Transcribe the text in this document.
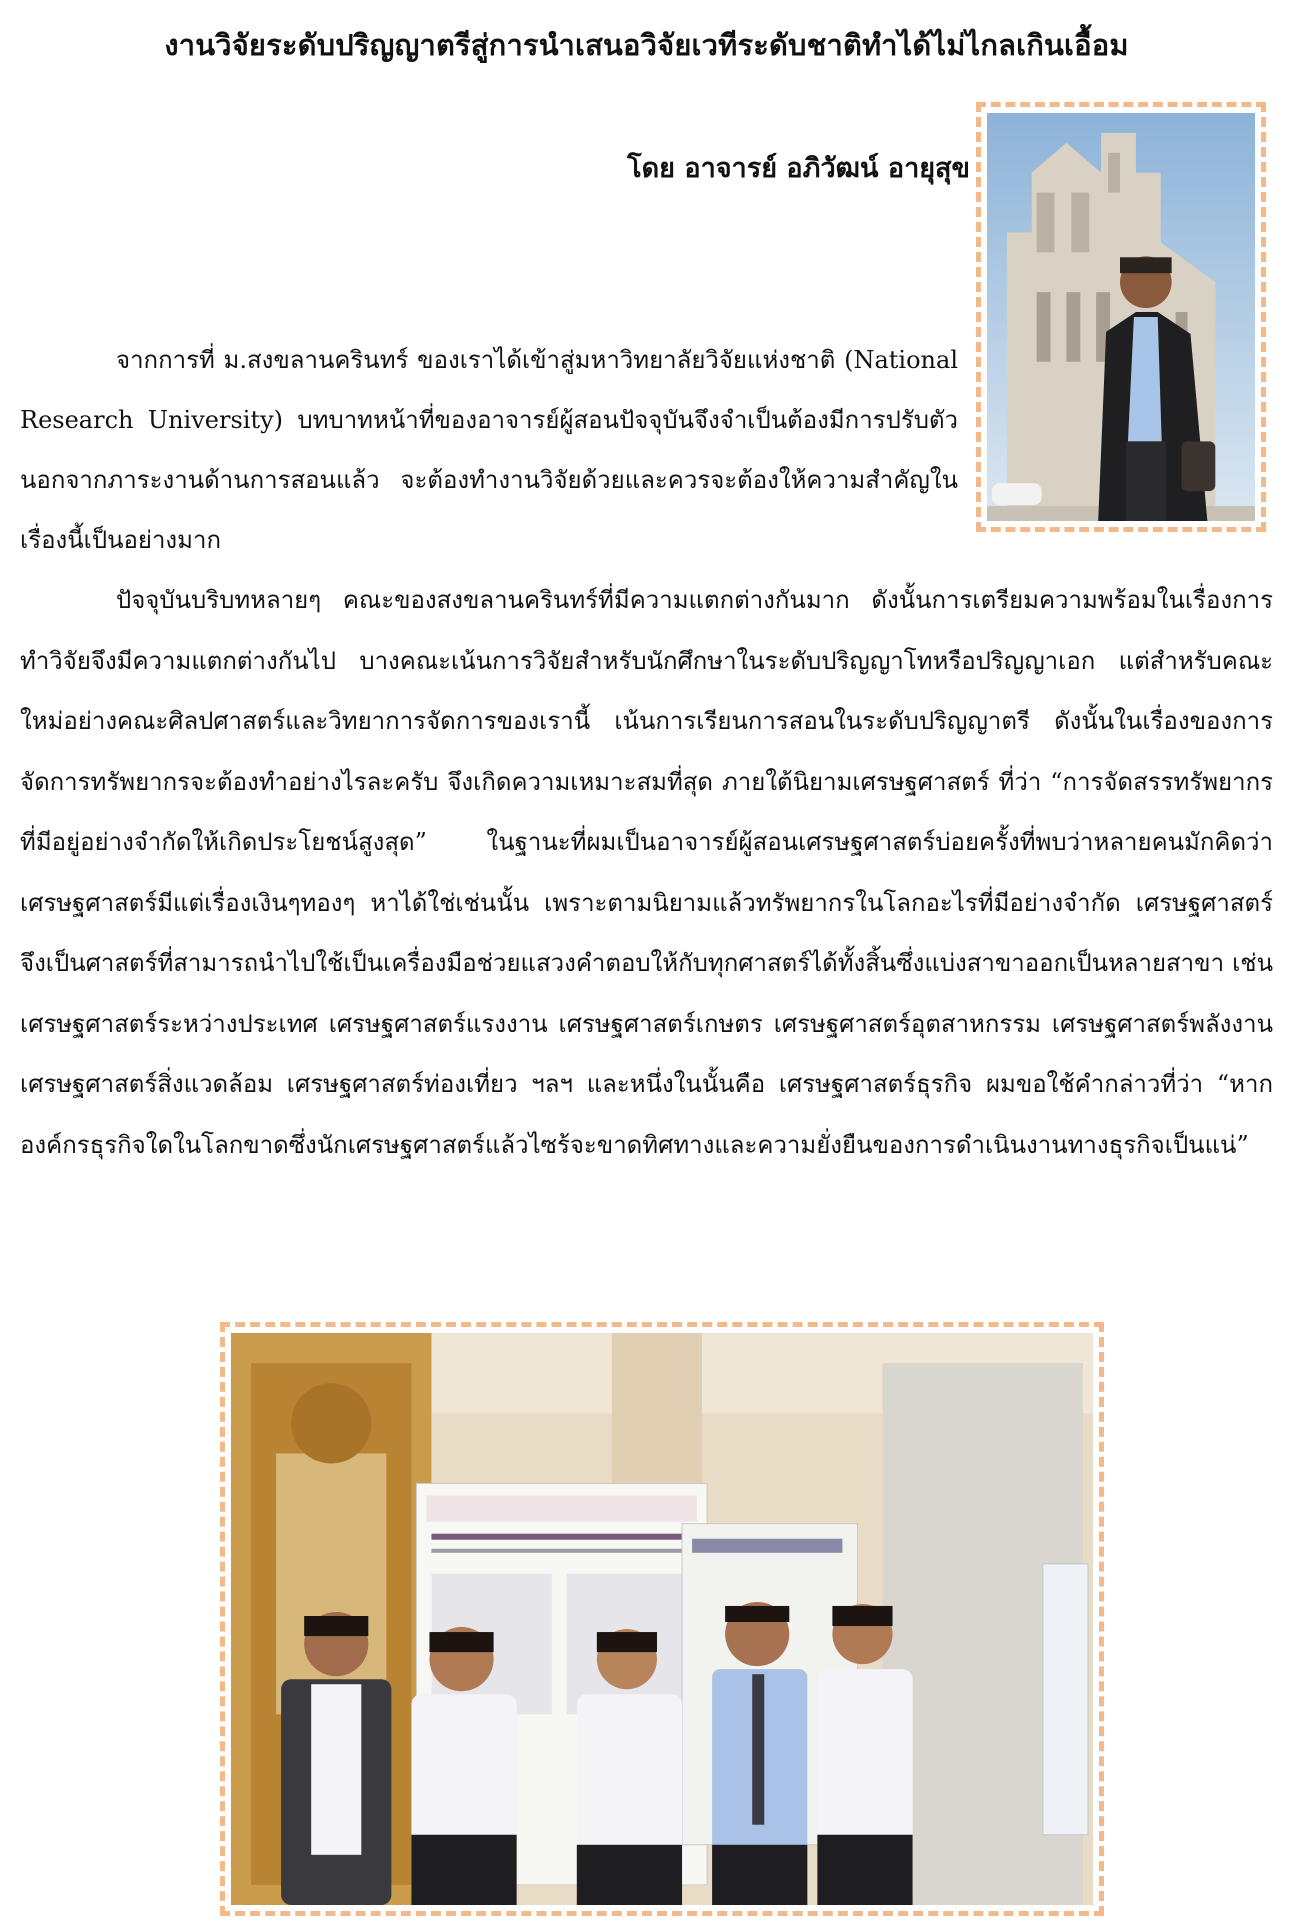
งานวิจัยระดับปริญญาตรีสู่การนำเสนอวิจัยเวทีระดับชาติทำได้ไม่ไกลเกินเอื้อม
โดย อาจารย์ อภิวัฒน์ อายุสุข

จากการที่ ม.สงขลานครินทร์ ของเราได้เข้าสู่มหาวิทยาลัยวิจัยแห่งชาติ (National Research University) บทบาทหน้าที่ของอาจารย์ผู้สอนปัจจุบันจึงจำเป็นต้องมีการปรับตัวนอกจากภาระงานด้านการสอนแล้ว จะต้องทำงานวิจัยด้วยและควรจะต้องให้ความสำคัญในเรื่องนี้เป็นอย่างมาก

ปัจจุบันบริบทหลายๆ คณะของสงขลานครินทร์ที่มีความแตกต่างกันมาก ดังนั้นการเตรียมความพร้อมในเรื่องการทำวิจัยจึงมีความแตกต่างกันไป บางคณะเน้นการวิจัยสำหรับนักศึกษาในระดับปริญญาโทหรือปริญญาเอก แต่สำหรับคณะใหม่อย่างคณะศิลปศาสตร์และวิทยาการจัดการของเรานี้ เน้นการเรียนการสอนในระดับปริญญาตรี ดังนั้นในเรื่องของการจัดการทรัพยากรจะต้องทำอย่างไรละครับ จึงเกิดความเหมาะสมที่สุด ภายใต้นิยามเศรษฐศาสตร์ ที่ว่า “การจัดสรรทรัพยากรที่มีอยู่อย่างจำกัดให้เกิดประโยชน์สูงสุด” ในฐานะที่ผมเป็นอาจารย์ผู้สอนเศรษฐศาสตร์บ่อยครั้งที่พบว่าหลายคนมักคิดว่าเศรษฐศาสตร์มีแต่เรื่องเงินๆทองๆ หาได้ใช่เช่นนั้น เพราะตามนิยามแล้วทรัพยากรในโลกอะไรที่มีอย่างจำกัด เศรษฐศาสตร์จึงเป็นศาสตร์ที่สามารถนำไปใช้เป็นเครื่องมือช่วยแสวงคำตอบให้กับทุกศาสตร์ได้ทั้งสิ้นซึ่งแบ่งสาขาออกเป็นหลายสาขา เช่น เศรษฐศาสตร์ระหว่างประเทศ เศรษฐศาสตร์แรงงาน เศรษฐศาสตร์เกษตร เศรษฐศาสตร์อุตสาหกรรม เศรษฐศาสตร์พลังงาน เศรษฐศาสตร์สิ่งแวดล้อม เศรษฐศาสตร์ท่องเที่ยว ฯลฯ และหนึ่งในนั้นคือ เศรษฐศาสตร์ธุรกิจ ผมขอใช้คำกล่าวที่ว่า “หากองค์กรธุรกิจใดในโลกขาดซึ่งนักเศรษฐศาสตร์แล้วไซร้จะขาดทิศทางและความยั่งยืนของการดำเนินงานทางธุรกิจเป็นแน่”
